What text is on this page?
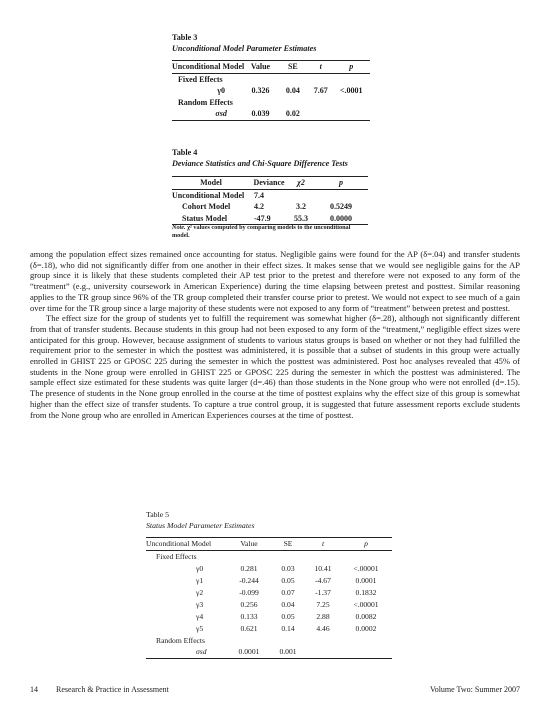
Table 3
Unconditional Model Parameter Estimates
Unconditional Model	Value	SE	t	p
Fixed Effects				
γ0	0.326	0.04	7.67	<.0001
Random Effects				
σsd	0.039	0.02		
Table 4
Deviance Statistics and Chi-Square Difference Tests
Model	Deviance	χ2	p
Unconditional Model	7.4		
Cohort Model	4.2	3.2	0.5249
Status Model	-47.9	55.3	0.0000
Note. χ² values computed by comparing models to the unconditional model.

among the population effect sizes remained once accounting for status. Negligible gains were found for the AP (δ=.04) and transfer students (δ=.18), who did not significantly differ from one another in their effect sizes. It makes sense that we would see negligible gains for the AP group since it is likely that these students completed their AP test prior to the pretest and therefore were not exposed to any form of the “treatment” (e.g., university coursework in American Experience) during the time elapsing between pretest and posttest. Similar reasoning applies to the TR group since 96% of the TR group completed their transfer course prior to pretest. We would not expect to see much of a gain over time for the TR group since a large majority of these students were not exposed to any form of “treatment” between pretest and posttest.

The effect size for the group of students yet to fulfill the requirement was somewhat higher (δ=.28), although not significantly different from that of transfer students. Because students in this group had not been exposed to any form of the “treatment,” negligible effect sizes were anticipated for this group. However, because assignment of students to various status groups is based on whether or not they had fulfilled the requirement prior to the semester in which the posttest was administered, it is possible that a subset of students in this group were actually enrolled in GHIST 225 or GPOSC 225 during the semester in which the posttest was administered. Post hoc analyses revealed that 45% of students in the None group were enrolled in GHIST 225 or GPOSC 225 during the semester in which the posttest was administered. The sample effect size estimated for these students was quite larger (d=.46) than those students in the None group who were not enrolled (d=.15). The presence of students in the None group enrolled in the course at the time of posttest explains why the effect size of this group is somewhat higher than the effect size of transfer students. To capture a true control group, it is suggested that future assessment reports exclude students from the None group who are enrolled in American Experiences courses at the time of posttest.

Table 5
Status Model Parameter Estimates
Unconditional Model	Value	SE	t	p
Fixed Effects				
γ0	0.281	0.03	10.41	<.00001
γ1	-0.244	0.05	-4.67	0.0001
γ2	-0.099	0.07	-1.37	0.1832
γ3	0.256	0.04	7.25	<.00001
γ4	0.133	0.05	2.88	0.0082
γ5	0.621	0.14	4.46	0.0002
Random Effects				
σsd	0.0001	0.001		
14 Research & Practice in Assessment	Volume Two: Summer 2007
